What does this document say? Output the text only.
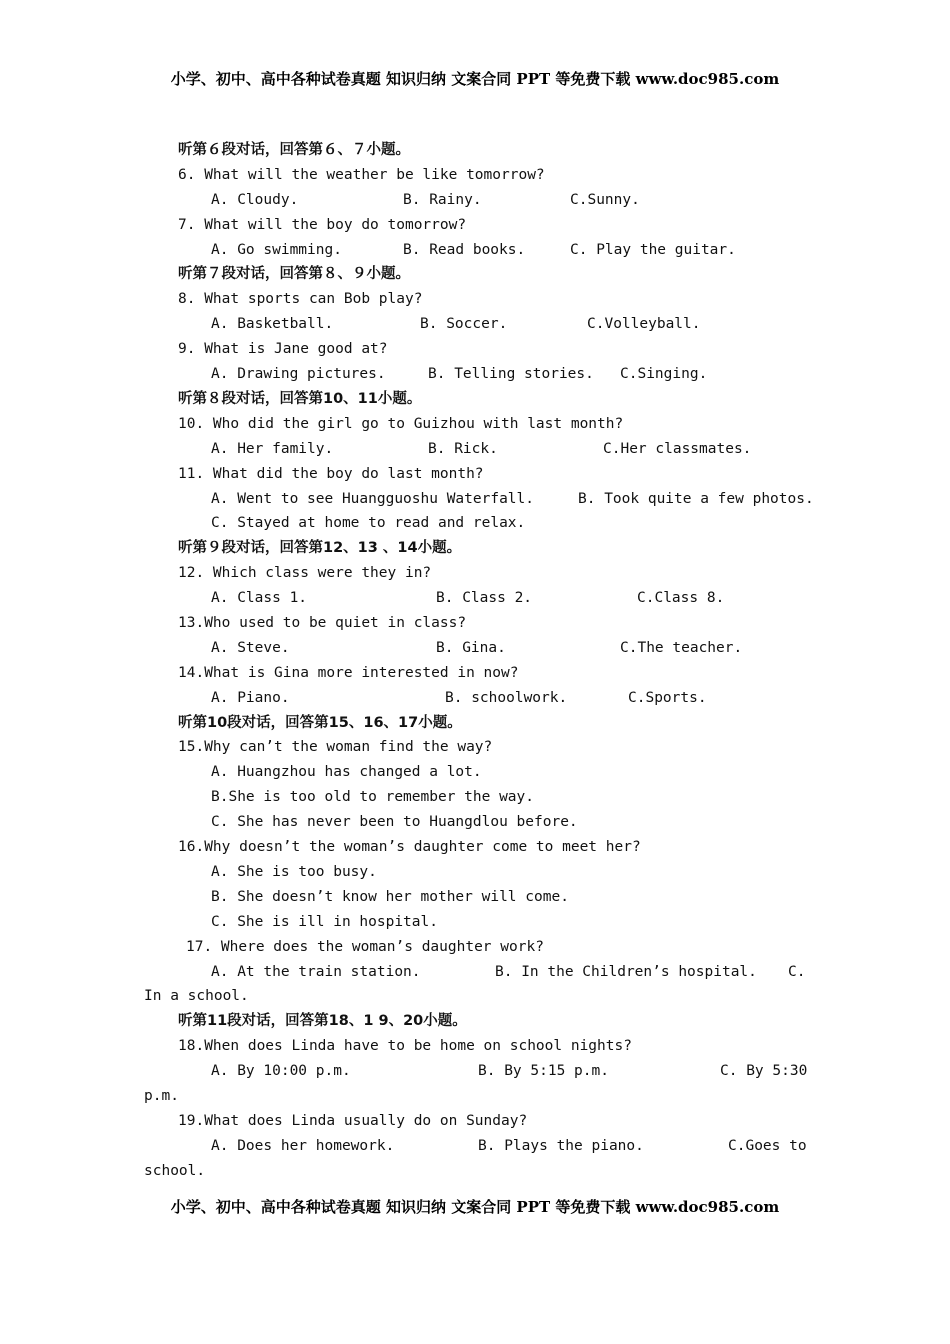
小学、初中、高中各种试卷真题 知识归纳 文案合同 PPT 等免费下载 www.doc985.com
听第６段对话，回答第６、７小题。
6. What will the weather be like tomorrow?
A. Cloudy.	B. Rainy.	C.Sunny.
7. What will the boy do tomorrow?
A. Go swimming.	B. Read books.	C. Play the guitar.
听第７段对话，回答第８、９小题。
8. What sports can Bob play?
A. Basketball.	B. Soccer.	C.Volleyball.
9. What is Jane good at?
A. Drawing pictures.	B. Telling stories. C.Singing.
听第８段对话，回答第10、11小题。
10. Who did the girl go to Guizhou with last month?
A. Her family.	B. Rick.	C.Her classmates.
11. What did the boy do last month?
A. Went to see Huangguoshu Waterfall.	B. Took quite a few photos.
C. Stayed at home to read and relax.
听第９段对话，回答第12、13 、14小题。
12. Which class were they in?
A. Class 1.	B. Class 2.	C.Class 8.
13.Who used to be quiet in class?
A. Steve.	B. Gina.	C.The teacher.
14.What is Gina more interested in now?
A. Piano.	B. schoolwork.	C.Sports.
听第10段对话，回答第15、16、17小题。
15.Why can’t the woman find the way?
A. Huangzhou has changed a lot.
B.She is too old to remember the way.
C. She has never been to Huangdlou before.
16.Why doesn’t the woman’s daughter come to meet her?
A. She is too busy.
B. She doesn’t know her mother will come.
C. She is ill in hospital.
17. Where does the woman’s daughter work?
A. At the train station.	B. In the Children’s hospital. C.
In a school.
听第11段对话，回答第18、1 9、20小题。
18.When does Linda have to be home on school nights?
A. By 10:00 p.m.	B. By 5:15 p.m.	C. By 5:30
p.m.
19.What does Linda usually do on Sunday?
A. Does her homework.	B. Plays the piano.	C.Goes to
school.
小学、初中、高中各种试卷真题 知识归纳 文案合同 PPT 等免费下载 www.doc985.com
